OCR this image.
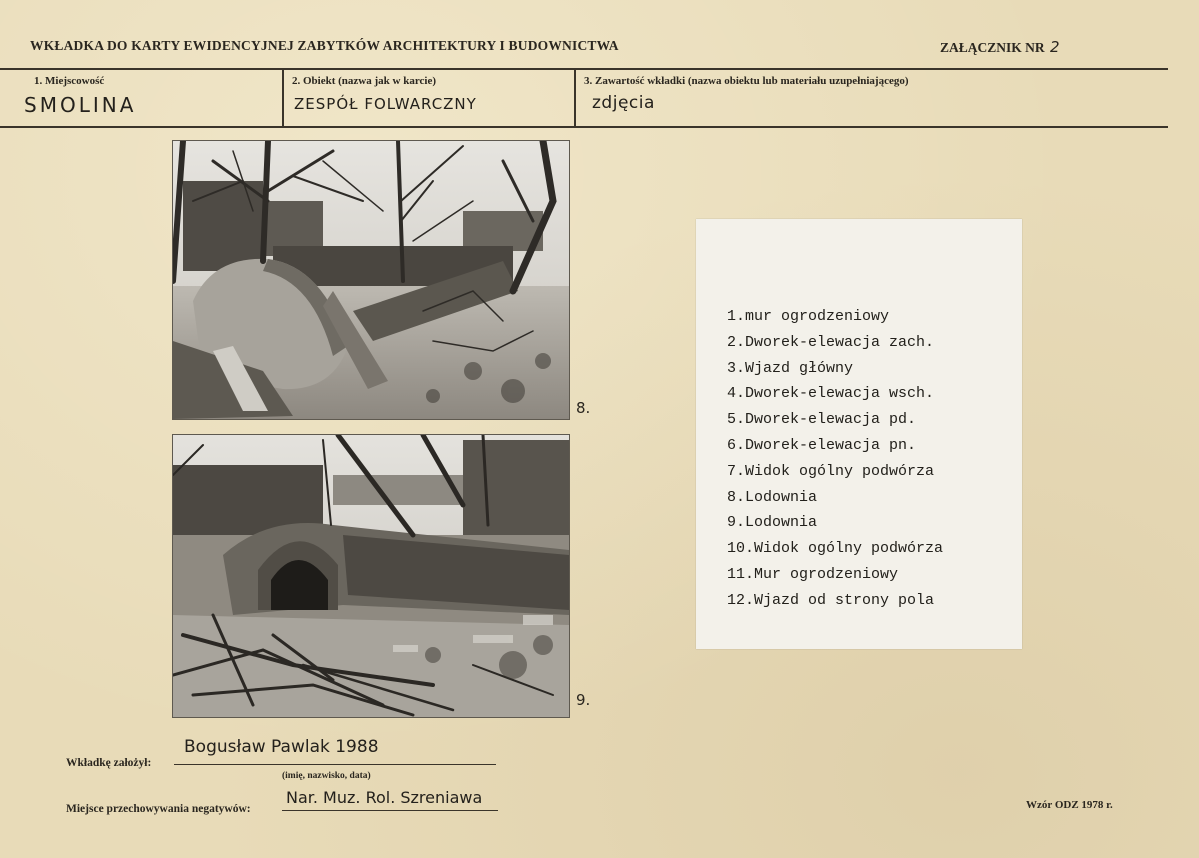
WKŁADKA DO KARTY EWIDENCYJNEJ ZABYTKÓW ARCHITEKTURY I BUDOWNICTWA	ZAŁĄCZNIK NR 2
1. Miejscowość
SMOLINA
2. Obiekt (nazwa jak w karcie)
ZESPÓŁ FOLWARCZNY
3. Zawartość wkładki (nazwa obiektu lub materiału uzupełniającego)
zdjęcia
8.
9.
1.mur ogrodzeniowy
2.Dworek-elewacja zach.
3.Wjazd główny
4.Dworek-elewacja wsch.
5.Dworek-elewacja pd.
6.Dworek-elewacja pn.
7.Widok ogólny podwórza
8.Lodownia
9.Lodownia
10.Widok ogólny podwórza
11.Mur ogrodzeniowy
12.Wjazd od strony pola
Wkładkę założył:
Bogusław Pawlak 1988
(imię, nazwisko, data)
Miejsce przechowywania negatywów:
Nar. Muz. Rol. Szreniawa	Wzór ODZ 1978 r.
